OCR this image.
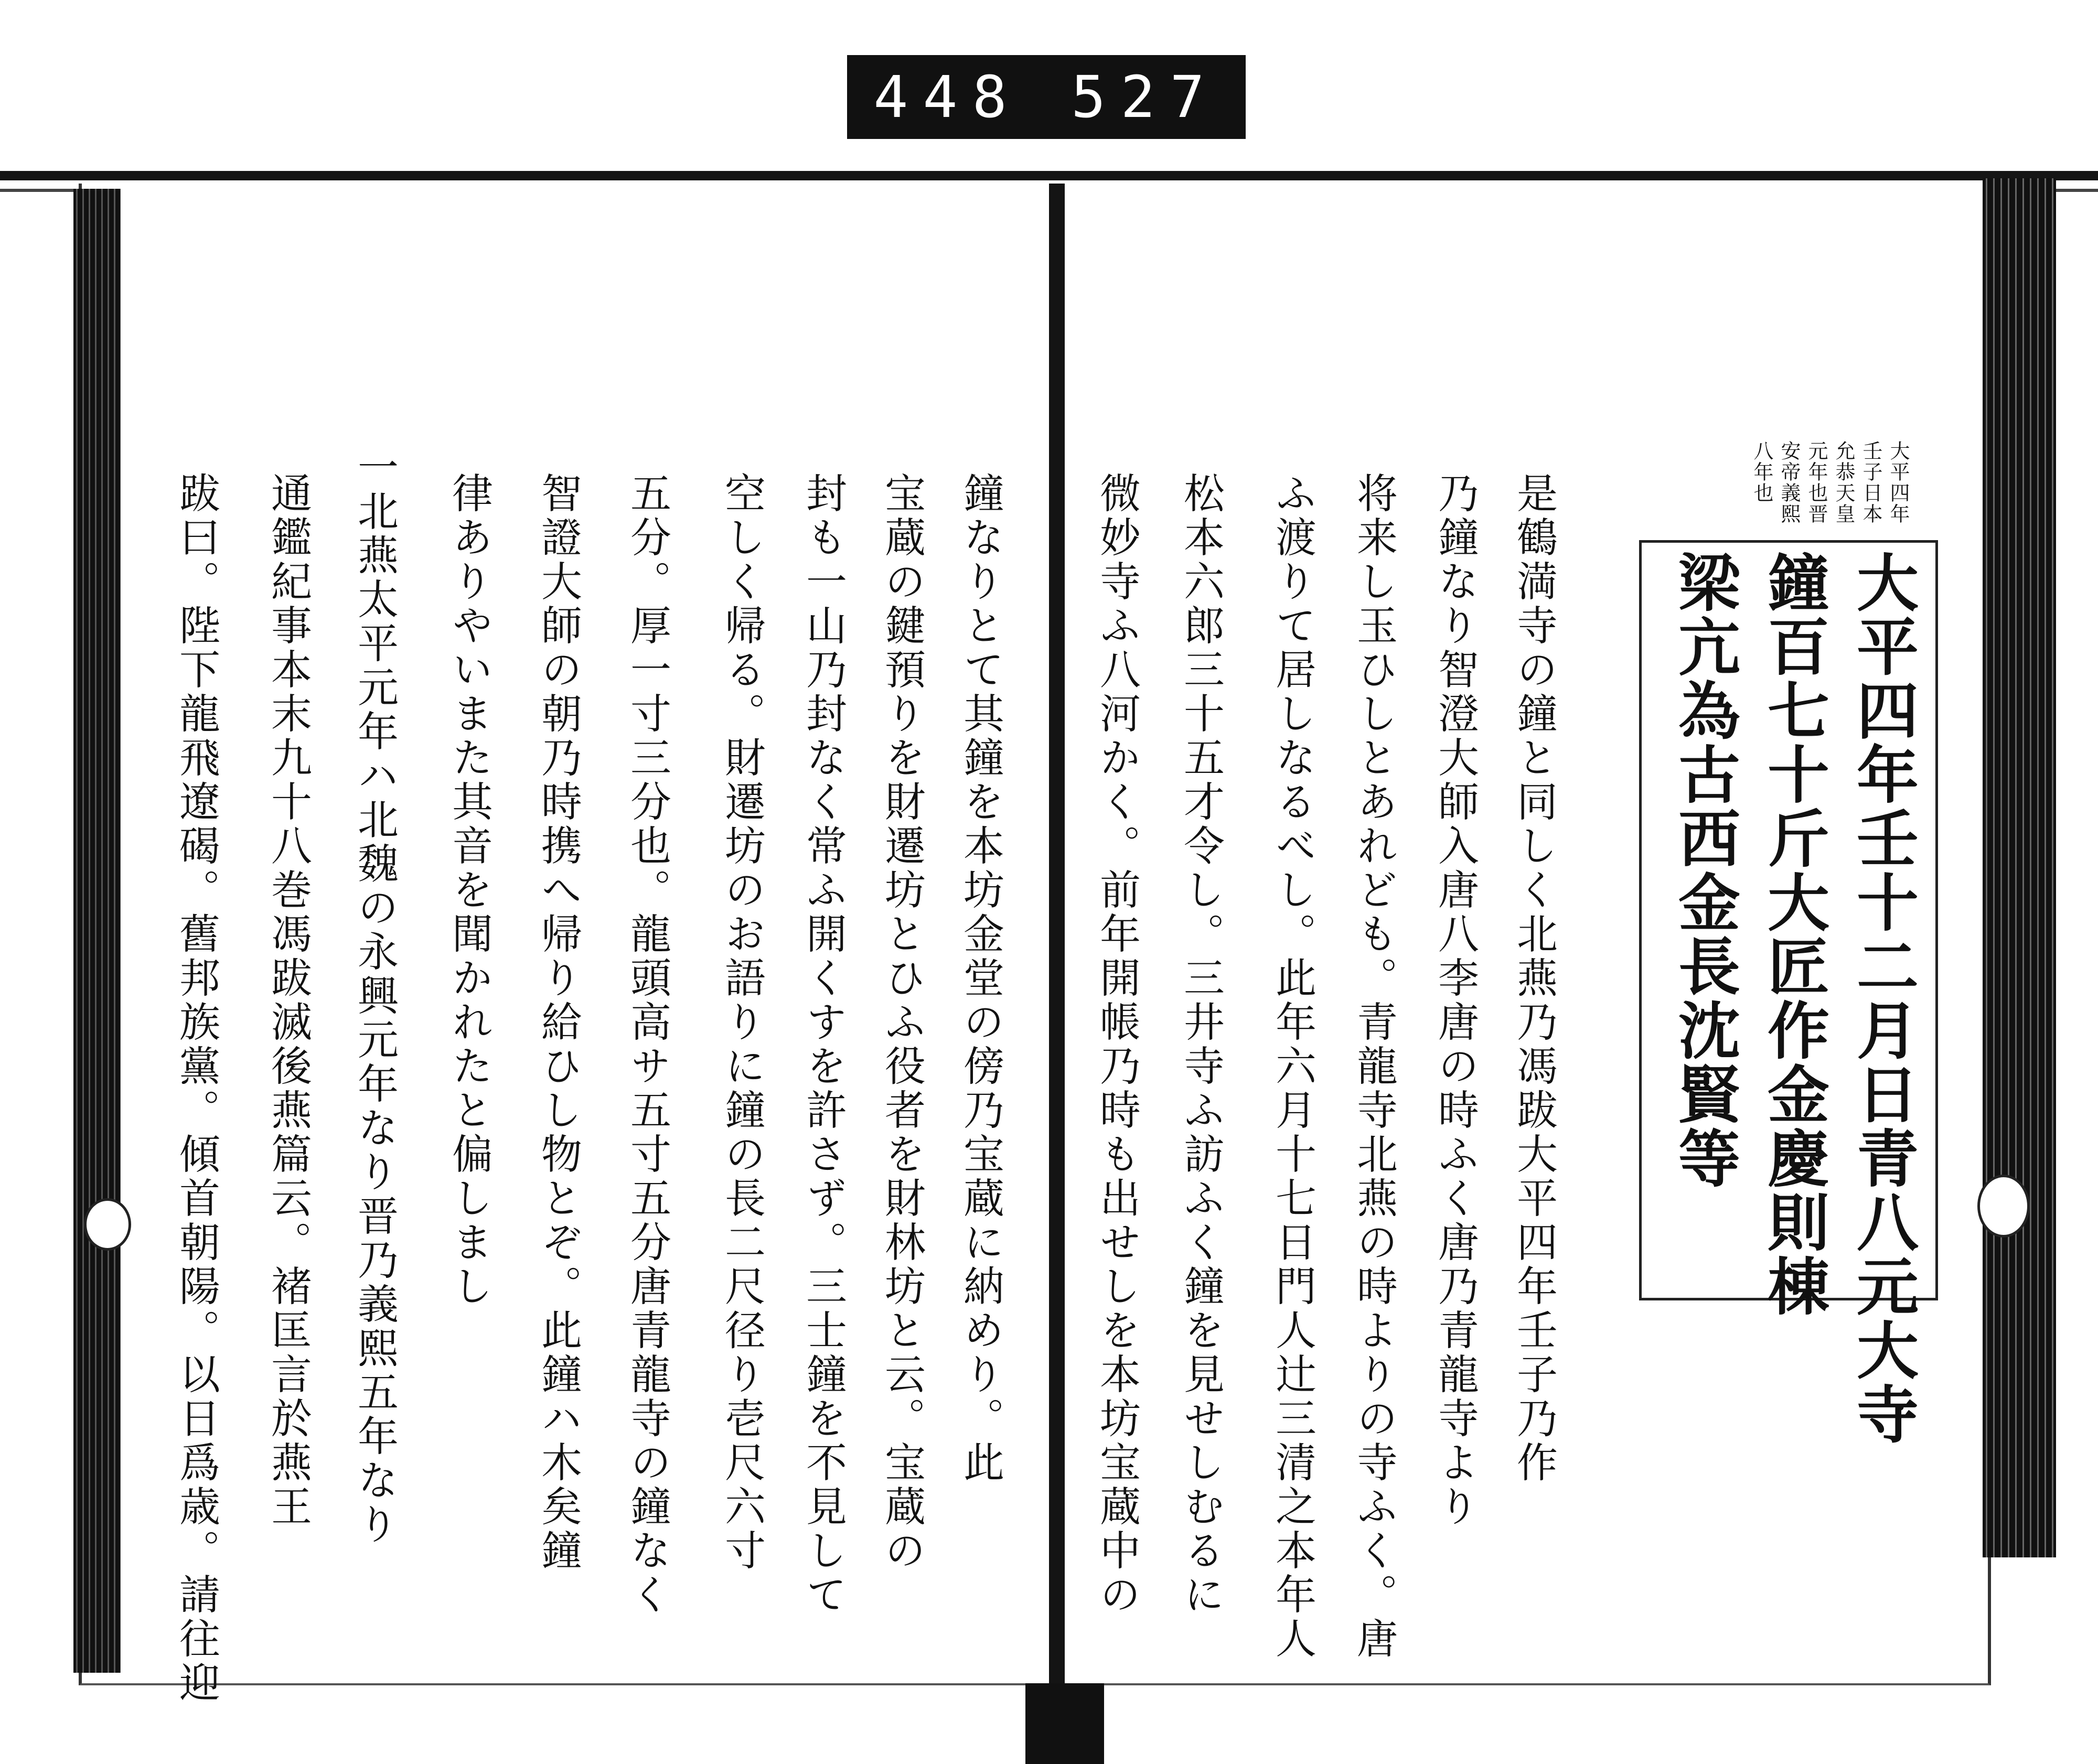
448 527
大平四年
壬子日本
允恭天皇
元年也晋
安帝義熙
八年也
大平四年壬十二月日青八元大寺
鐘百七十斤大匠作金慶則棟
梁亢為古西金長沈賢等
是鶴満寺の鐘と同しく北燕乃馮跋大平四年壬子乃作
乃鐘なり智澄大師入唐八李唐の時ふく唐乃青龍寺より
将来し玉ひしとあれども。青龍寺北燕の時よりの寺ふく。唐
ふ渡りて居しなるべし。此年六月十七日門人辻三清之本年人
松本六郎三十五才令し。三井寺ふ訪ふく鐘を見せしむるに
微妙寺ふ八河かく。前年開帳乃時も出せしを本坊宝蔵中の
鐘なりとて其鐘を本坊金堂の傍乃宝蔵に納めり。此
宝蔵の鍵預りを財遷坊とひふ役者を財林坊と云。宝蔵の
封も一山乃封なく常ふ開くすを許さず。三士鐘を不見して
空しく帰る。財遷坊のお語りに鐘の長二尺径り壱尺六寸
五分。厚一寸三分也。龍頭高サ五寸五分唐青龍寺の鐘なく
智證大師の朝乃時携へ帰り給ひし物とぞ。此鐘ハ木矣鐘
律ありやいまた其音を聞かれたと偏しまし
一北燕太平元年ハ北魏の永興元年なり晋乃義熙五年なり
通鑑紀事本末九十八巻馮跋滅後燕篇云。褚匡言於燕王
跋曰。陛下龍飛遼碣。舊邦族黨。傾首朝陽。以日爲歳。請往迎
